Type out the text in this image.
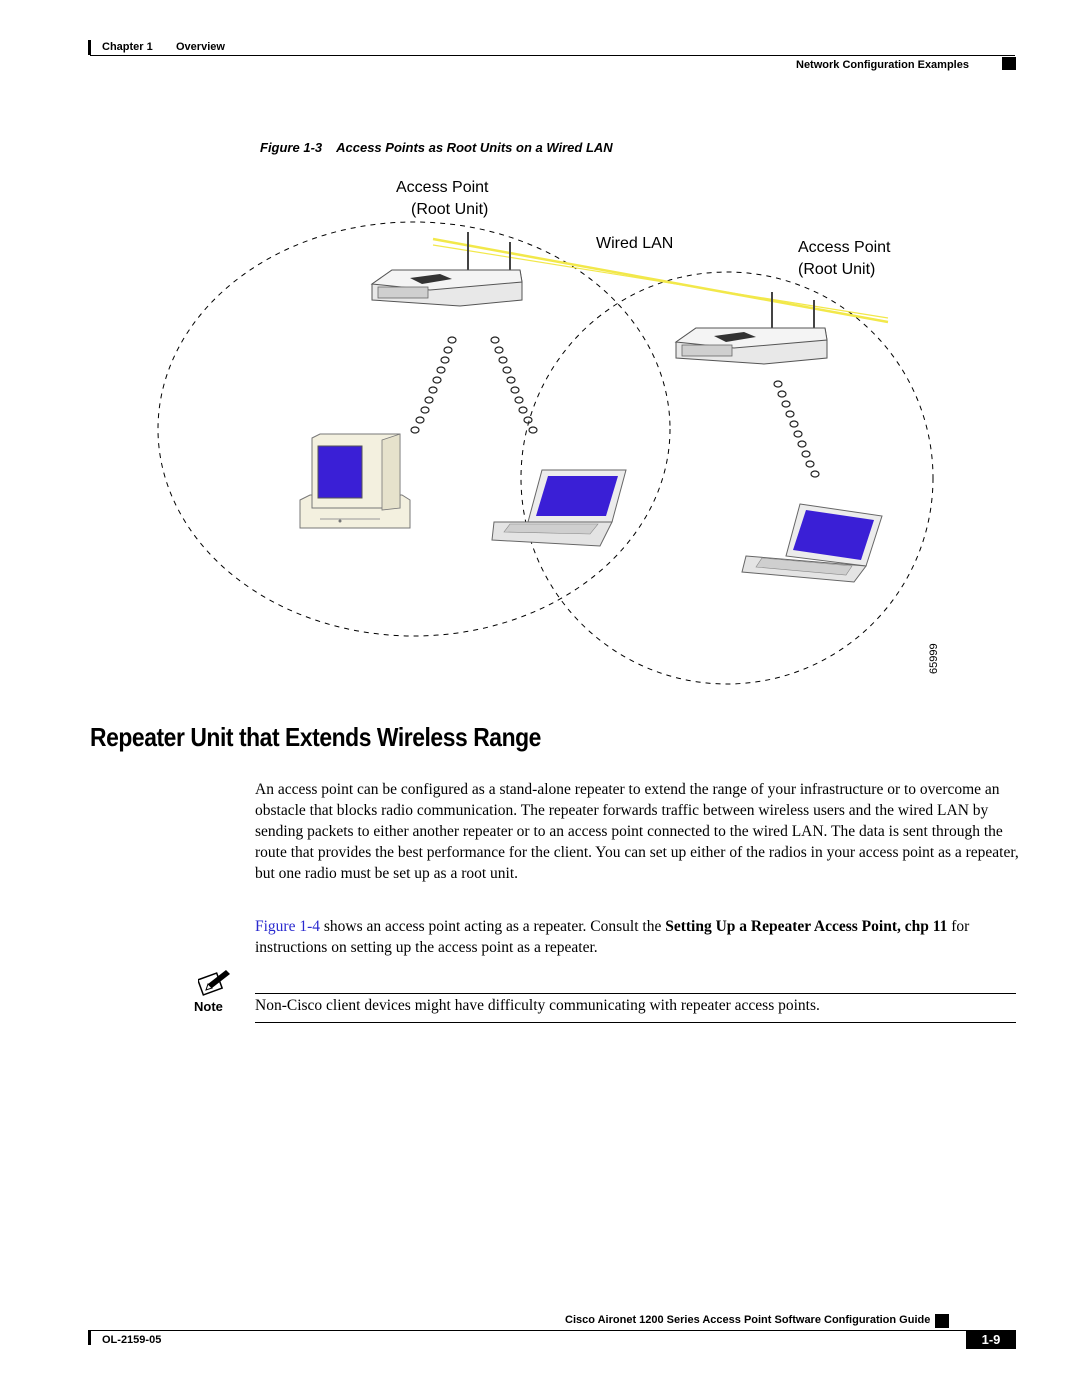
Chapter 1 Overview
Network Configuration Examples
Figure 1-3 Access Points as Root Units on a Wired LAN
Access Point
(Root Unit)
Wired LAN	Access Point
(Root Unit)
65999
Repeater Unit that Extends Wireless Range

An access point can be configured as a stand-alone repeater to extend the range of your infrastructure or to overcome an obstacle that blocks radio communication. The repeater forwards traffic between wireless users and the wired LAN by sending packets to either another repeater or to an access point connected to the wired LAN. The data is sent through the route that provides the best performance for the client. You can set up either of the radios in your access point as a repeater, but one radio must be set up as a root unit.

Figure 1-4 shows an access point acting as a repeater. Consult the Setting Up a Repeater Access Point, chp 11 for instructions on setting up the access point as a repeater.

Note Non-Cisco client devices might have difficulty communicating with repeater access points.
Cisco Aironet 1200 Series Access Point Software Configuration Guide
OL-2159-05	1-9
